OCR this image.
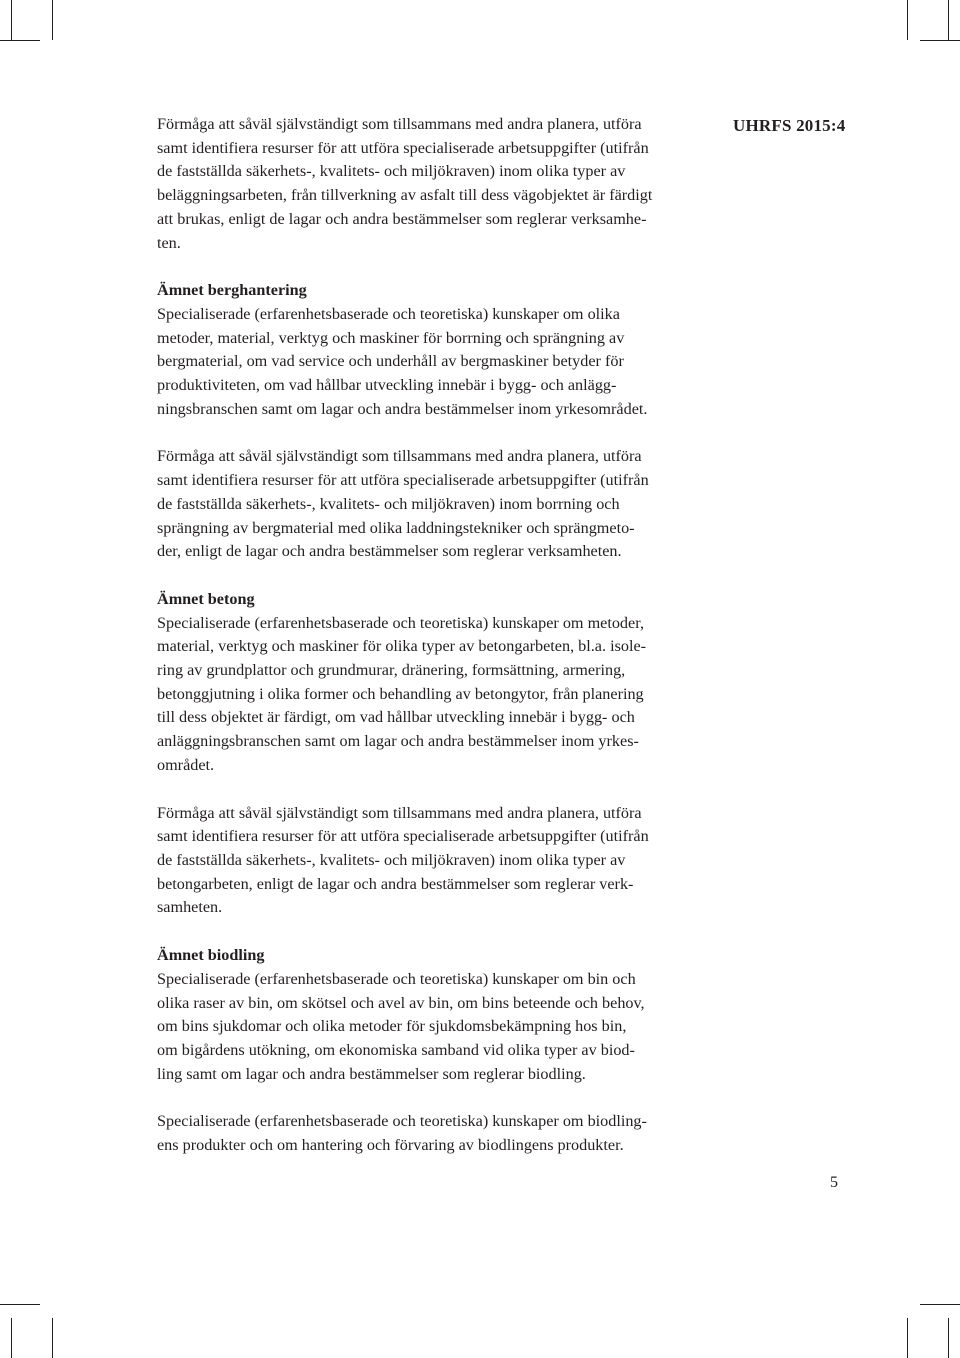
UHRFS 2015:4
Förmåga att såväl självständigt som tillsammans med andra planera, utföra
samt identifiera resurser för att utföra specialiserade arbetsuppgifter (utifrån
de fastställda säkerhets-, kvalitets- och miljökraven) inom olika typer av
beläggningsarbeten, från tillverkning av asfalt till dess vägobjektet är färdigt
att brukas, enligt de lagar och andra bestämmelser som reglerar verksamhe-
ten.
Ämnet berghantering
Specialiserade (erfarenhetsbaserade och teoretiska) kunskaper om olika
metoder, material, verktyg och maskiner för borrning och sprängning av
bergmaterial, om vad service och underhåll av bergmaskiner betyder för
produktiviteten, om vad hållbar utveckling innebär i bygg- och anlägg-
ningsbranschen samt om lagar och andra bestämmelser inom yrkesområdet.
Förmåga att såväl självständigt som tillsammans med andra planera, utföra
samt identifiera resurser för att utföra specialiserade arbetsuppgifter (utifrån
de fastställda säkerhets-, kvalitets- och miljökraven) inom borrning och
sprängning av bergmaterial med olika laddningstekniker och sprängmeto-
der, enligt de lagar och andra bestämmelser som reglerar verksamheten.
Ämnet betong
Specialiserade (erfarenhetsbaserade och teoretiska) kunskaper om metoder,
material, verktyg och maskiner för olika typer av betongarbeten, bl.a. isole-
ring av grundplattor och grundmurar, dränering, formsättning, armering,
betonggjutning i olika former och behandling av betongytor, från planering
till dess objektet är färdigt, om vad hållbar utveckling innebär i bygg- och
anläggningsbranschen samt om lagar och andra bestämmelser inom yrkes-
området.
Förmåga att såväl självständigt som tillsammans med andra planera, utföra
samt identifiera resurser för att utföra specialiserade arbetsuppgifter (utifrån
de fastställda säkerhets-, kvalitets- och miljökraven) inom olika typer av
betongarbeten, enligt de lagar och andra bestämmelser som reglerar verk-
samheten.
Ämnet biodling
Specialiserade (erfarenhetsbaserade och teoretiska) kunskaper om bin och
olika raser av bin, om skötsel och avel av bin, om bins beteende och behov,
om bins sjukdomar och olika metoder för sjukdomsbekämpning hos bin,
om bigårdens utökning, om ekonomiska samband vid olika typer av biod-
ling samt om lagar och andra bestämmelser som reglerar biodling.
Specialiserade (erfarenhetsbaserade och teoretiska) kunskaper om biodling-
ens produkter och om hantering och förvaring av biodlingens produkter.
5
